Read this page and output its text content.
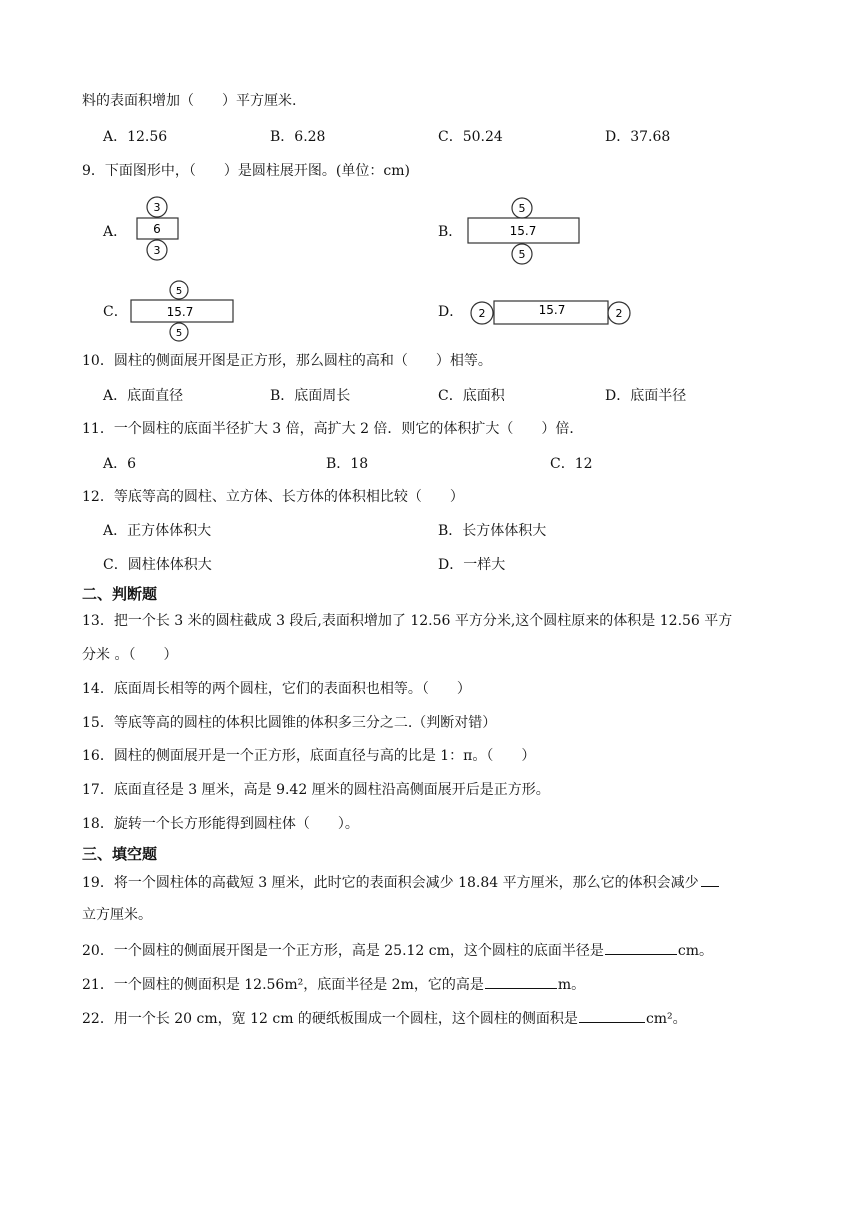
料的表面积增加（　　）平方厘米.
A．12.56	B．6.28	C．50.24	D．37.68
9．下面图形中，（　　）是圆柱展开图。(单位：cm)
A．
3
6
3
B．
5
15.7
5
C．
5
15.7
5
D． 2	15.7	2
10．圆柱的侧面展开图是正方形，那么圆柱的高和（　　）相等。
A．底面直径	B．底面周长	C．底面积	D．底面半径
11．一个圆柱的底面半径扩大 3 倍，高扩大 2 倍．则它的体积扩大（　　）倍．
A．6	B．18	C．12
12．等底等高的圆柱、立方体、长方体的体积相比较（　　）
A．正方体体积大	B．长方体体积大
C．圆柱体体积大	D．一样大
二、判断题
13．把一个长 3 米的圆柱截成 3 段后,表面积增加了 12.56 平方分米,这个圆柱原来的体积是 12.56 平方
分米 。（　　）
14．底面周长相等的两个圆柱，它们的表面积也相等。（　　）
15．等底等高的圆柱的体积比圆锥的体积多三分之二.（判断对错）
16．圆柱的侧面展开是一个正方形，底面直径与高的比是 1：π。（　　）
17．底面直径是 3 厘米，高是 9.42 厘米的圆柱沿高侧面展开后是正方形。
18．旋转一个长方形能得到圆柱体（　　）。
三、填空题
19．将一个圆柱体的高截短 3 厘米，此时它的表面积会减少 18.84 平方厘米，那么它的体积会减少
立方厘米。
20．一个圆柱的侧面展开图是一个正方形，高是 25.12 cm，这个圆柱的底面半径是	cm。
21．一个圆柱的侧面积是 12.56m²，底面半径是 2m，它的高是	m。
22．用一个长 20 cm，宽 12 cm 的硬纸板围成一个圆柱，这个圆柱的侧面积是	cm²。
